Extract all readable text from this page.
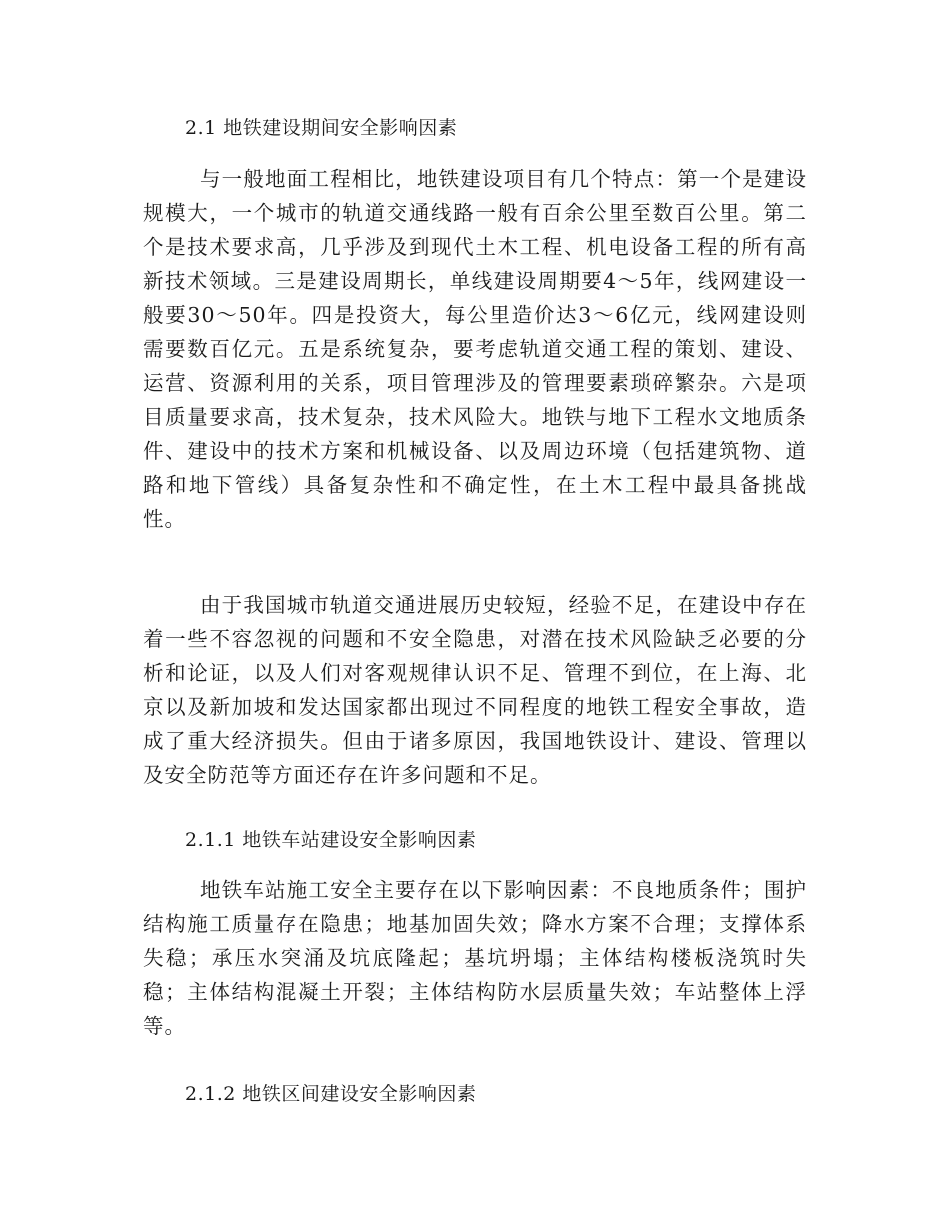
2.1 地铁建设期间安全影响因素

与一般地面工程相比，地铁建设项目有几个特点：第一个是建设规模大，一个城市的轨道交通线路一般有百余公里至数百公里。第二个是技术要求高，几乎涉及到现代土木工程、机电设备工程的所有高新技术领域。三是建设周期长，单线建设周期要4～5年，线网建设一般要30～50年。四是投资大，每公里造价达3～6亿元，线网建设则需要数百亿元。五是系统复杂，要考虑轨道交通工程的策划、建设、运营、资源利用的关系，项目管理涉及的管理要素琐碎繁杂。六是项目质量要求高，技术复杂，技术风险大。地铁与地下工程水文地质条件、建设中的技术方案和机械设备、以及周边环境（包括建筑物、道路和地下管线）具备复杂性和不确定性，在土木工程中最具备挑战性。

由于我国城市轨道交通进展历史较短，经验不足，在建设中存在着一些不容忽视的问题和不安全隐患，对潜在技术风险缺乏必要的分析和论证，以及人们对客观规律认识不足、管理不到位，在上海、北京以及新加坡和发达国家都出现过不同程度的地铁工程安全事故，造成了重大经济损失。但由于诸多原因，我国地铁设计、建设、管理以及安全防范等方面还存在许多问题和不足。

2.1.1 地铁车站建设安全影响因素

地铁车站施工安全主要存在以下影响因素：不良地质条件；围护结构施工质量存在隐患；地基加固失效；降水方案不合理；支撑体系失稳；承压水突涌及坑底隆起；基坑坍塌；主体结构楼板浇筑时失稳；主体结构混凝土开裂；主体结构防水层质量失效；车站整体上浮等。

2.1.2 地铁区间建设安全影响因素
